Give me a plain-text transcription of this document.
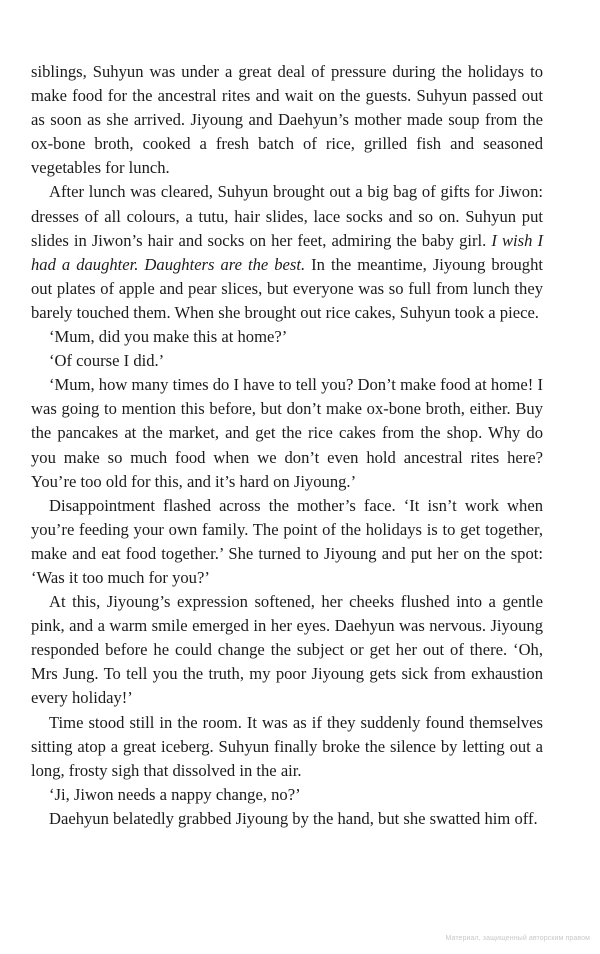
siblings, Suhyun was under a great deal of pressure during the holidays to make food for the ancestral rites and wait on the guests. Suhyun passed out as soon as she arrived. Jiyoung and Daehyun’s mother made soup from the ox-bone broth, cooked a fresh batch of rice, grilled fish and seasoned vegetables for lunch.

After lunch was cleared, Suhyun brought out a big bag of gifts for Jiwon: dresses of all colours, a tutu, hair slides, lace socks and so on. Suhyun put slides in Jiwon’s hair and socks on her feet, admiring the baby girl. I wish I had a daughter. Daughters are the best. In the meantime, Jiyoung brought out plates of apple and pear slices, but everyone was so full from lunch they barely touched them. When she brought out rice cakes, Suhyun took a piece.

‘Mum, did you make this at home?’

‘Of course I did.’

‘Mum, how many times do I have to tell you? Don’t make food at home! I was going to mention this before, but don’t make ox-bone broth, either. Buy the pancakes at the market, and get the rice cakes from the shop. Why do you make so much food when we don’t even hold ancestral rites here? You’re too old for this, and it’s hard on Jiyoung.’

Disappointment flashed across the mother’s face. ‘It isn’t work when you’re feeding your own family. The point of the holidays is to get together, make and eat food together.’ She turned to Jiyoung and put her on the spot: ‘Was it too much for you?’

At this, Jiyoung’s expression softened, her cheeks flushed into a gentle pink, and a warm smile emerged in her eyes. Daehyun was nervous. Jiyoung responded before he could change the subject or get her out of there. ‘Oh, Mrs Jung. To tell you the truth, my poor Jiyoung gets sick from exhaustion every holiday!’

Time stood still in the room. It was as if they suddenly found themselves sitting atop a great iceberg. Suhyun finally broke the silence by letting out a long, frosty sigh that dissolved in the air.

‘Ji, Jiwon needs a nappy change, no?’

Daehyun belatedly grabbed Jiyoung by the hand, but she swatted him off.

Материал, защищенный авторским правом
